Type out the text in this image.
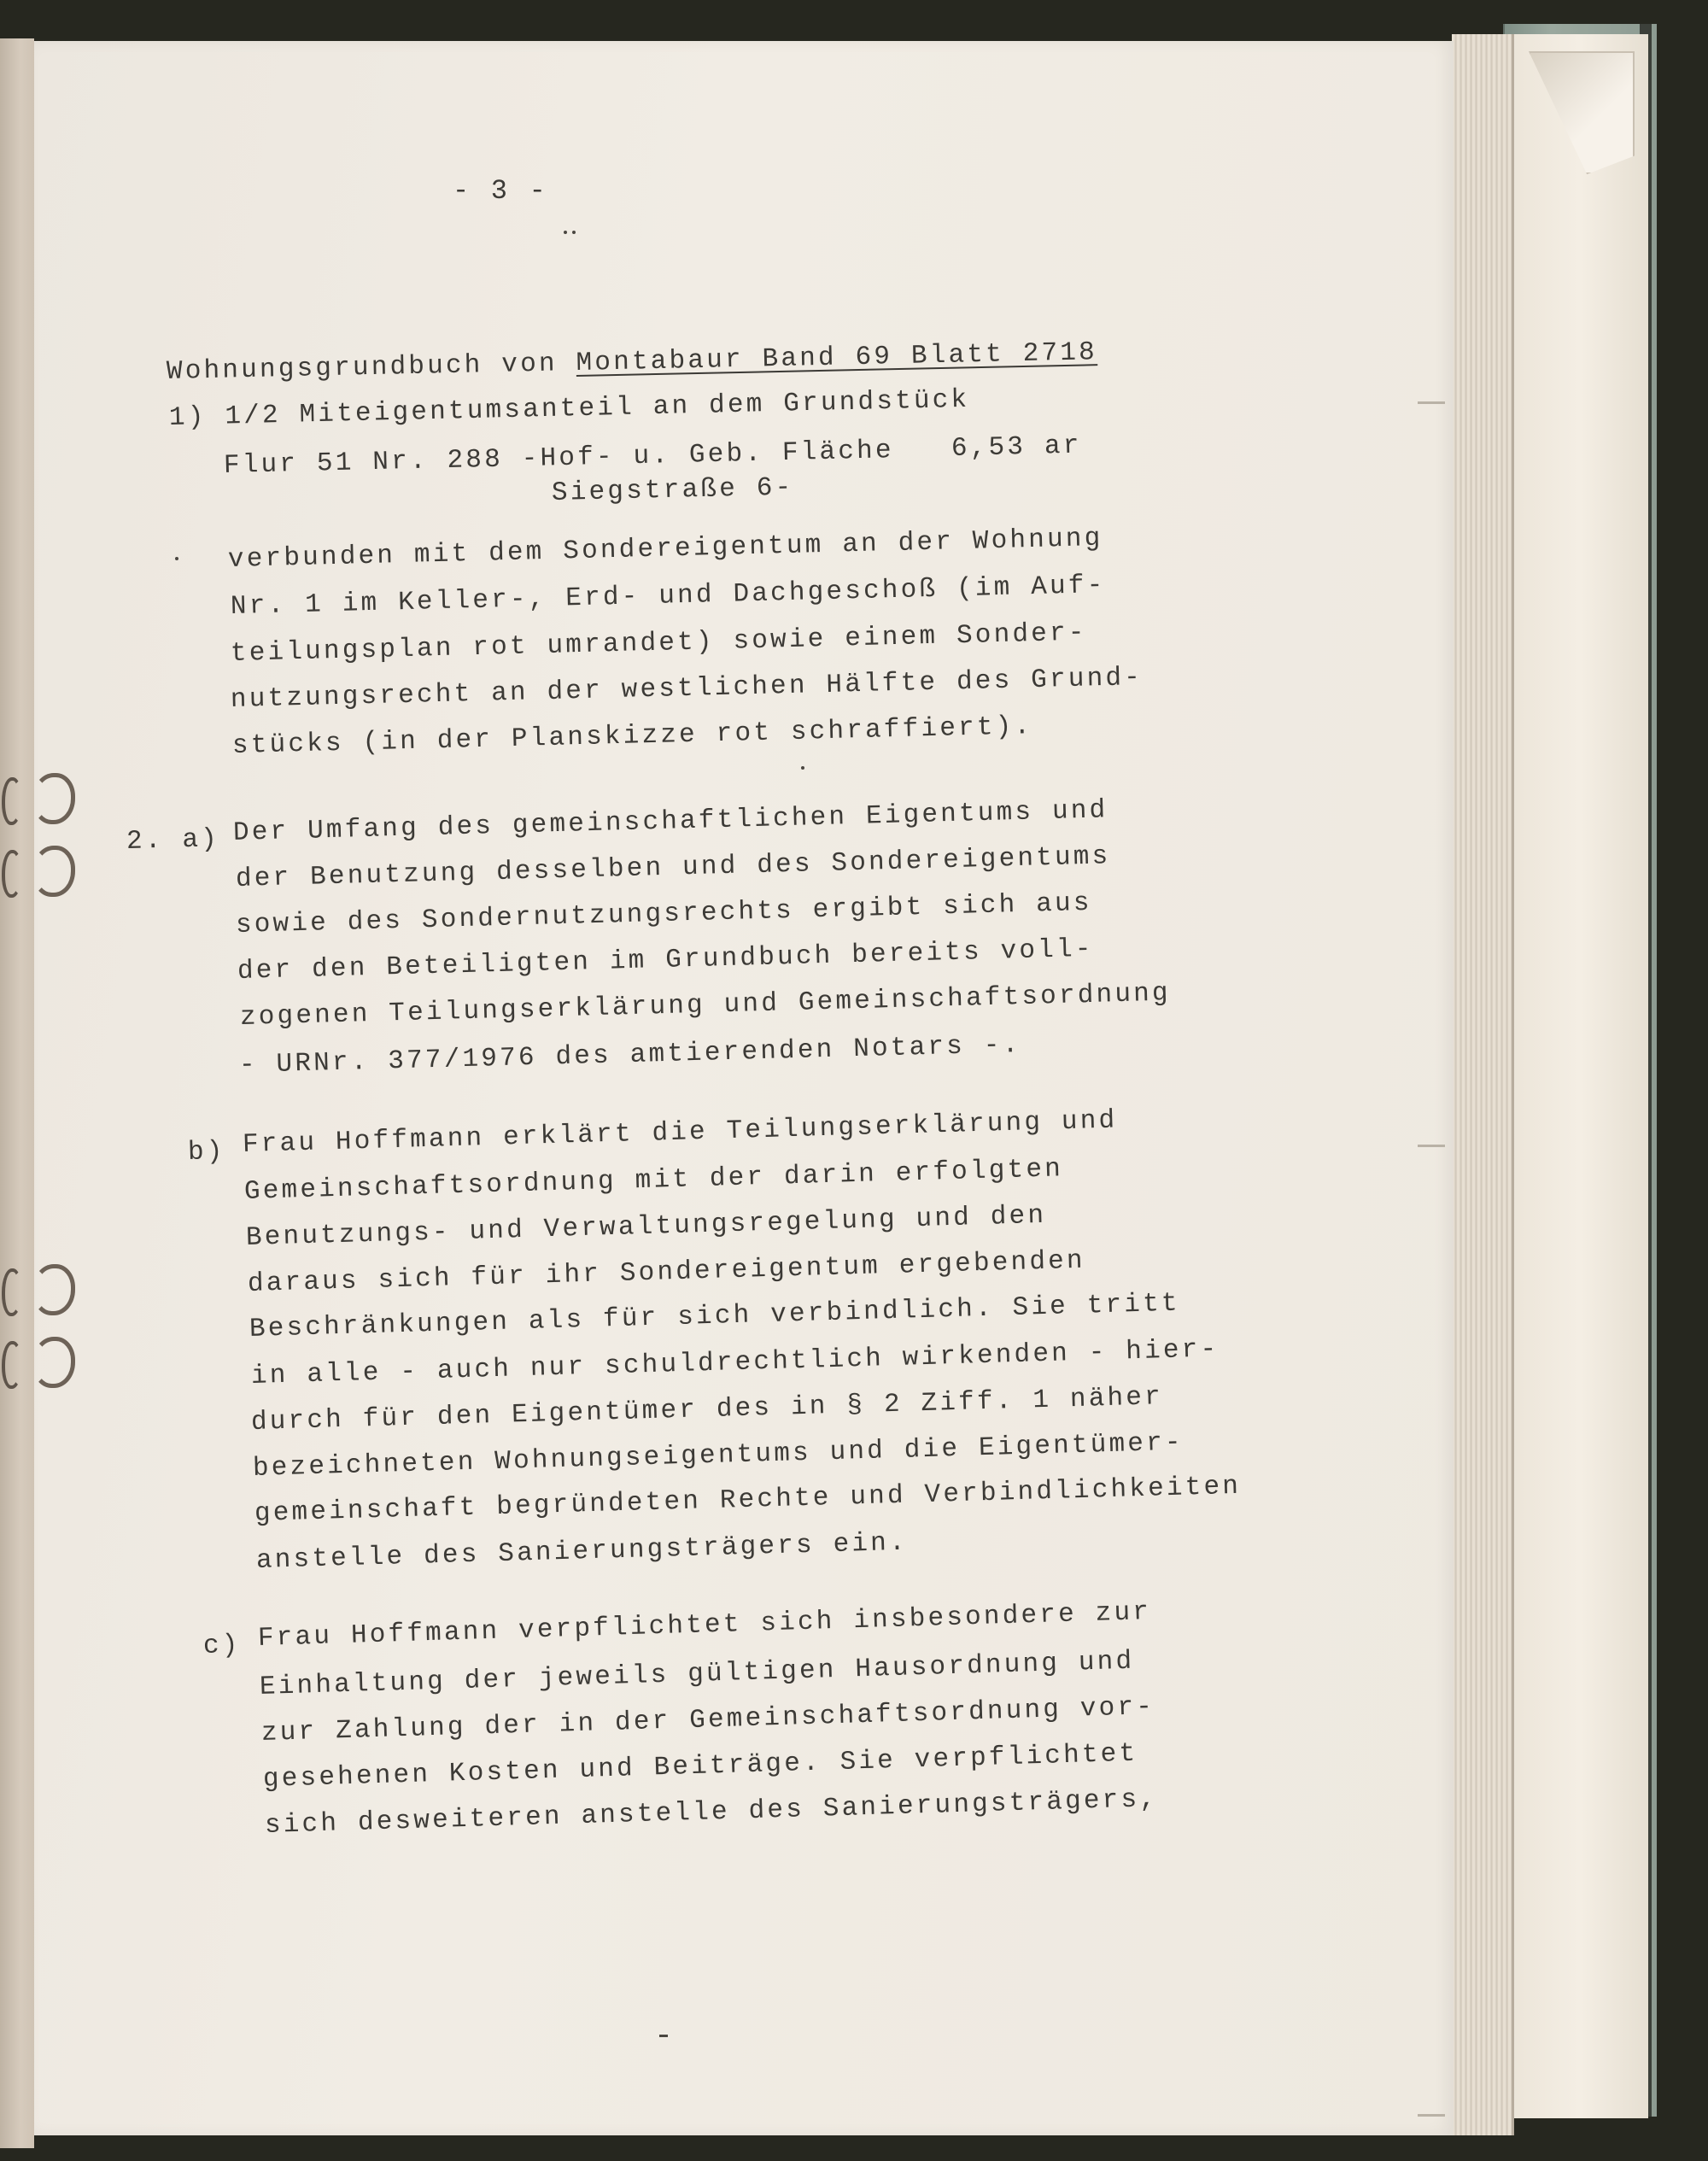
- 3 -
Wohnungsgrundbuch von Montabaur Band 69 Blatt 2718
1) 1/2 Miteigentumsanteil an dem Grundstück
Flur 51 Nr. 288 -Hof- u. Geb. Fläche 6,53 ar
Siegstraße 6-
verbunden mit dem Sondereigentum an der Wohnung
Nr. 1 im Keller-, Erd- und Dachgeschoß (im Auf-
teilungsplan rot umrandet) sowie einem Sonder-
nutzungsrecht an der westlichen Hälfte des Grund-
stücks (in der Planskizze rot schraffiert).
2. a) Der Umfang des gemeinschaftlichen Eigentums und
der Benutzung desselben und des Sondereigentums
sowie des Sondernutzungsrechts ergibt sich aus
der den Beteiligten im Grundbuch bereits voll-
zogenen Teilungserklärung und Gemeinschaftsordnung
- URNr. 377/1976 des amtierenden Notars -.
b) Frau Hoffmann erklärt die Teilungserklärung und
Gemeinschaftsordnung mit der darin erfolgten
Benutzungs- und Verwaltungsregelung und den
daraus sich für ihr Sondereigentum ergebenden
Beschränkungen als für sich verbindlich. Sie tritt
in alle - auch nur schuldrechtlich wirkenden - hier-
durch für den Eigentümer des in § 2 Ziff. 1 näher
bezeichneten Wohnungseigentums und die Eigentümer-
gemeinschaft begründeten Rechte und Verbindlichkeiten
anstelle des Sanierungsträgers ein.
c) Frau Hoffmann verpflichtet sich insbesondere zur
Einhaltung der jeweils gültigen Hausordnung und
zur Zahlung der in der Gemeinschaftsordnung vor-
gesehenen Kosten und Beiträge. Sie verpflichtet
sich desweiteren anstelle des Sanierungsträgers,
